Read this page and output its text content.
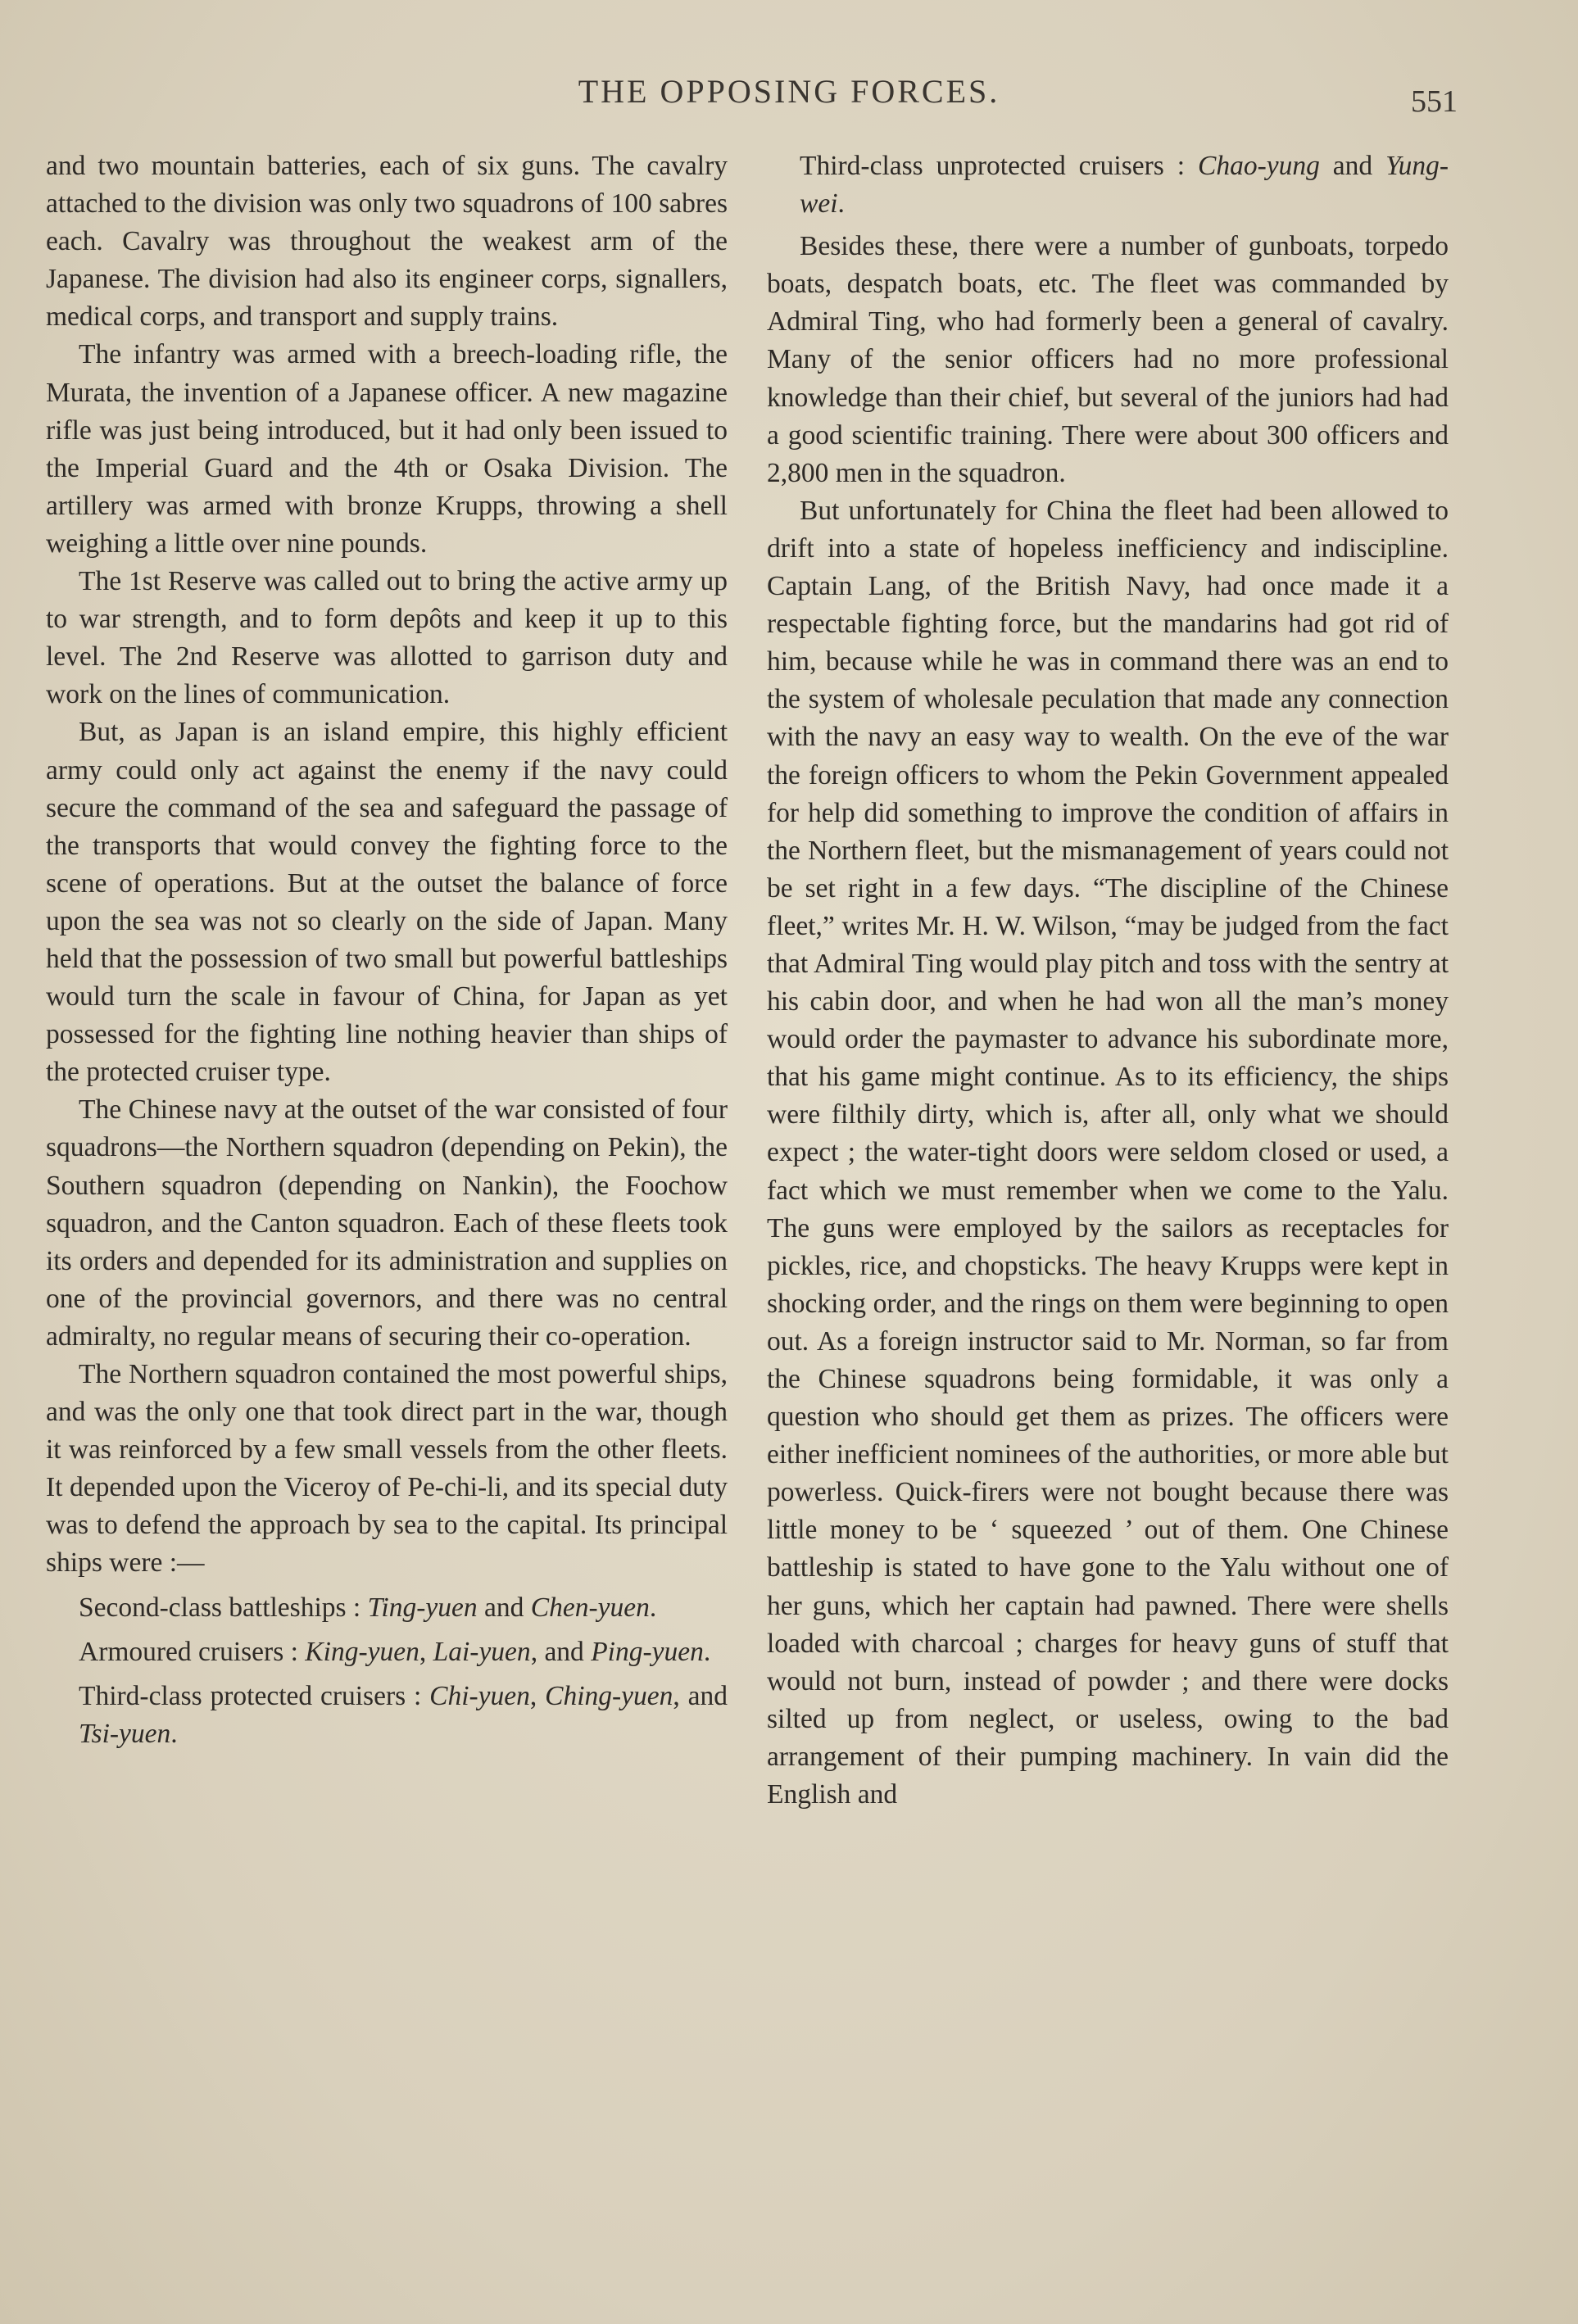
THE OPPOSING FORCES.	551

and two mountain batteries, each of six guns. The cavalry attached to the division was only two squadrons of 100 sabres each. Cavalry was throughout the weakest arm of the Japanese. The division had also its engineer corps, signallers, medical corps, and transport and supply trains.

The infantry was armed with a breech-loading rifle, the Murata, the invention of a Japanese officer. A new magazine rifle was just being introduced, but it had only been issued to the Imperial Guard and the 4th or Osaka Division. The artillery was armed with bronze Krupps, throwing a shell weighing a little over nine pounds.

The 1st Reserve was called out to bring the active army up to war strength, and to form depôts and keep it up to this level. The 2nd Reserve was allotted to garrison duty and work on the lines of communication.

But, as Japan is an island empire, this highly efficient army could only act against the enemy if the navy could secure the command of the sea and safeguard the passage of the transports that would convey the fighting force to the scene of operations. But at the outset the balance of force upon the sea was not so clearly on the side of Japan. Many held that the possession of two small but powerful battleships would turn the scale in favour of China, for Japan as yet possessed for the fighting line nothing heavier than ships of the protected cruiser type.

The Chinese navy at the outset of the war consisted of four squadrons—the Northern squadron (depending on Pekin), the Southern squadron (depending on Nankin), the Foochow squadron, and the Canton squadron. Each of these fleets took its orders and depended for its administration and supplies on one of the provincial governors, and there was no central admiralty, no regular means of securing their co-operation.

The Northern squadron contained the most powerful ships, and was the only one that took direct part in the war, though it was reinforced by a few small vessels from the other fleets. It depended upon the Viceroy of Pe-chi-li, and its special duty was to defend the approach by sea to the capital. Its principal ships were :—

Second-class battleships : Ting-yuen and Chen-yuen.

Armoured cruisers : King-yuen, Lai-yuen, and Ping-yuen.

Third-class protected cruisers : Chi-yuen, Ching-yuen, and Tsi-yuen.

Third-class unprotected cruisers : Chao-yung and Yung-wei.

Besides these, there were a number of gunboats, torpedo boats, despatch boats, etc. The fleet was commanded by Admiral Ting, who had formerly been a general of cavalry. Many of the senior officers had no more professional knowledge than their chief, but several of the juniors had had a good scientific training. There were about 300 officers and 2,800 men in the squadron.

But unfortunately for China the fleet had been allowed to drift into a state of hopeless inefficiency and indiscipline. Captain Lang, of the British Navy, had once made it a respectable fighting force, but the mandarins had got rid of him, because while he was in command there was an end to the system of wholesale peculation that made any connection with the navy an easy way to wealth. On the eve of the war the foreign officers to whom the Pekin Government appealed for help did something to improve the condition of affairs in the Northern fleet, but the mismanagement of years could not be set right in a few days. “The discipline of the Chinese fleet,” writes Mr. H. W. Wilson, “may be judged from the fact that Admiral Ting would play pitch and toss with the sentry at his cabin door, and when he had won all the man’s money would order the paymaster to advance his subordinate more, that his game might continue. As to its efficiency, the ships were filthily dirty, which is, after all, only what we should expect ; the water-tight doors were seldom closed or used, a fact which we must remember when we come to the Yalu. The guns were employed by the sailors as receptacles for pickles, rice, and chopsticks. The heavy Krupps were kept in shocking order, and the rings on them were beginning to open out. As a foreign instructor said to Mr. Norman, so far from the Chinese squadrons being formidable, it was only a question who should get them as prizes. The officers were either inefficient nominees of the authorities, or more able but powerless. Quick-firers were not bought because there was little money to be ‘ squeezed ’ out of them. One Chinese battleship is stated to have gone to the Yalu without one of her guns, which her captain had pawned. There were shells loaded with charcoal ; charges for heavy guns of stuff that would not burn, instead of powder ; and there were docks silted up from neglect, or useless, owing to the bad arrangement of their pumping machinery. In vain did the English and
